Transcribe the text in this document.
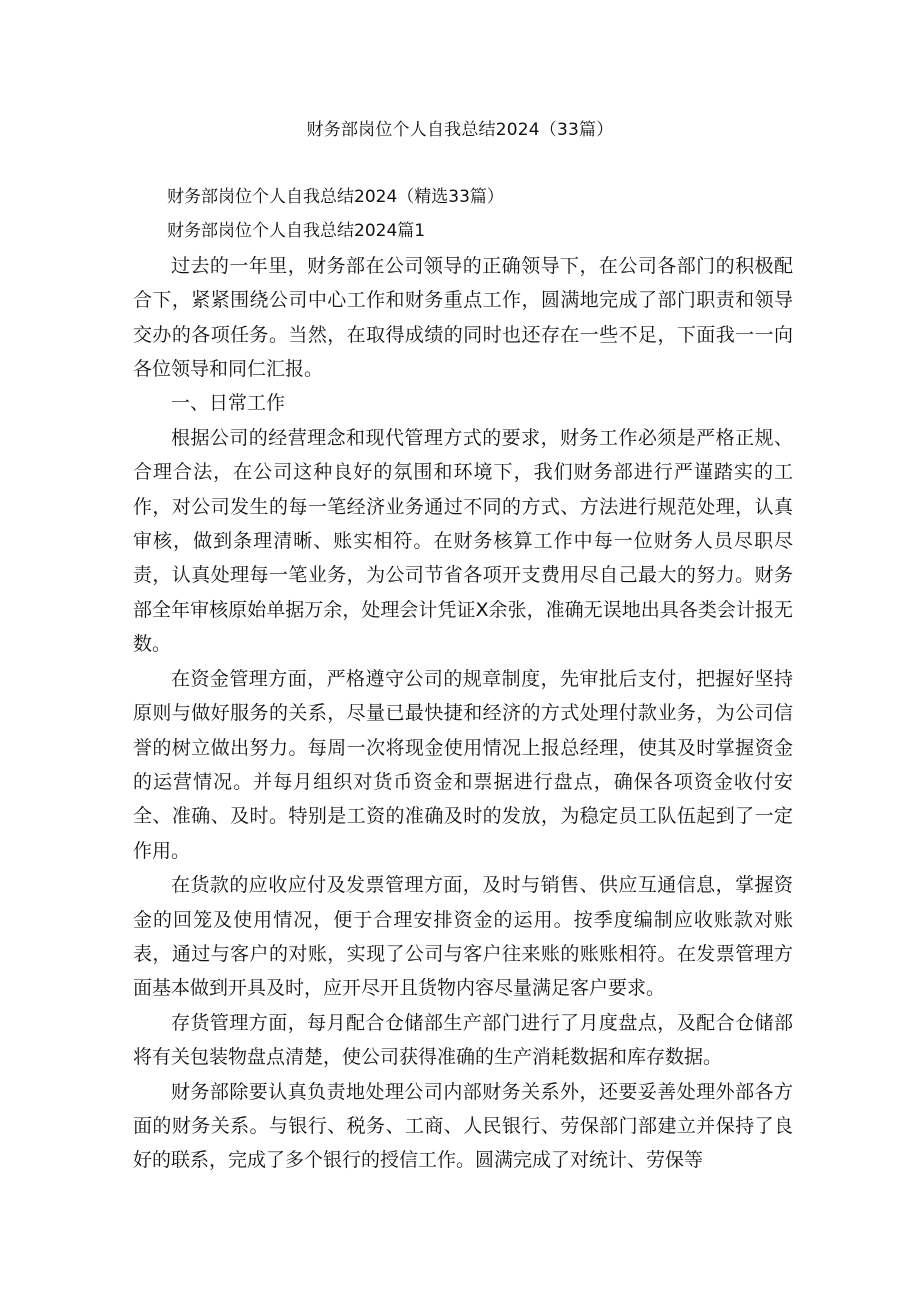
财务部岗位个人自我总结2024（33篇）

财务部岗位个人自我总结2024（精选33篇）

财务部岗位个人自我总结2024篇1

过去的一年里，财务部在公司领导的正确领导下，在公司各部门的积极配合下，紧紧围绕公司中心工作和财务重点工作，圆满地完成了部门职责和领导交办的各项任务。当然，在取得成绩的同时也还存在一些不足，下面我一一向各位领导和同仁汇报。

一、日常工作

根据公司的经营理念和现代管理方式的要求，财务工作必须是严格正规、合理合法，在公司这种良好的氛围和环境下，我们财务部进行严谨踏实的工作，对公司发生的每一笔经济业务通过不同的方式、方法进行规范处理，认真审核，做到条理清晰、账实相符。在财务核算工作中每一位财务人员尽职尽责，认真处理每一笔业务，为公司节省各项开支费用尽自己最大的努力。财务部全年审核原始单据万余，处理会计凭证X余张，准确无误地出具各类会计报无数。

在资金管理方面，严格遵守公司的规章制度，先审批后支付，把握好坚持原则与做好服务的关系，尽量已最快捷和经济的方式处理付款业务，为公司信誉的树立做出努力。每周一次将现金使用情况上报总经理，使其及时掌握资金的运营情况。并每月组织对货币资金和票据进行盘点，确保各项资金收付安全、准确、及时。特别是工资的准确及时的发放，为稳定员工队伍起到了一定作用。

在货款的应收应付及发票管理方面，及时与销售、供应互通信息，掌握资金的回笼及使用情况，便于合理安排资金的运用。按季度编制应收账款对账表，通过与客户的对账，实现了公司与客户往来账的账账相符。在发票管理方面基本做到开具及时，应开尽开且货物内容尽量满足客户要求。

存货管理方面，每月配合仓储部生产部门进行了月度盘点，及配合仓储部将有关包装物盘点清楚，使公司获得准确的生产消耗数据和库存数据。

财务部除要认真负责地处理公司内部财务关系外，还要妥善处理外部各方面的财务关系。与银行、税务、工商、人民银行、劳保部门部建立并保持了良好的联系，完成了多个银行的授信工作。圆满完成了对统计、劳保等
